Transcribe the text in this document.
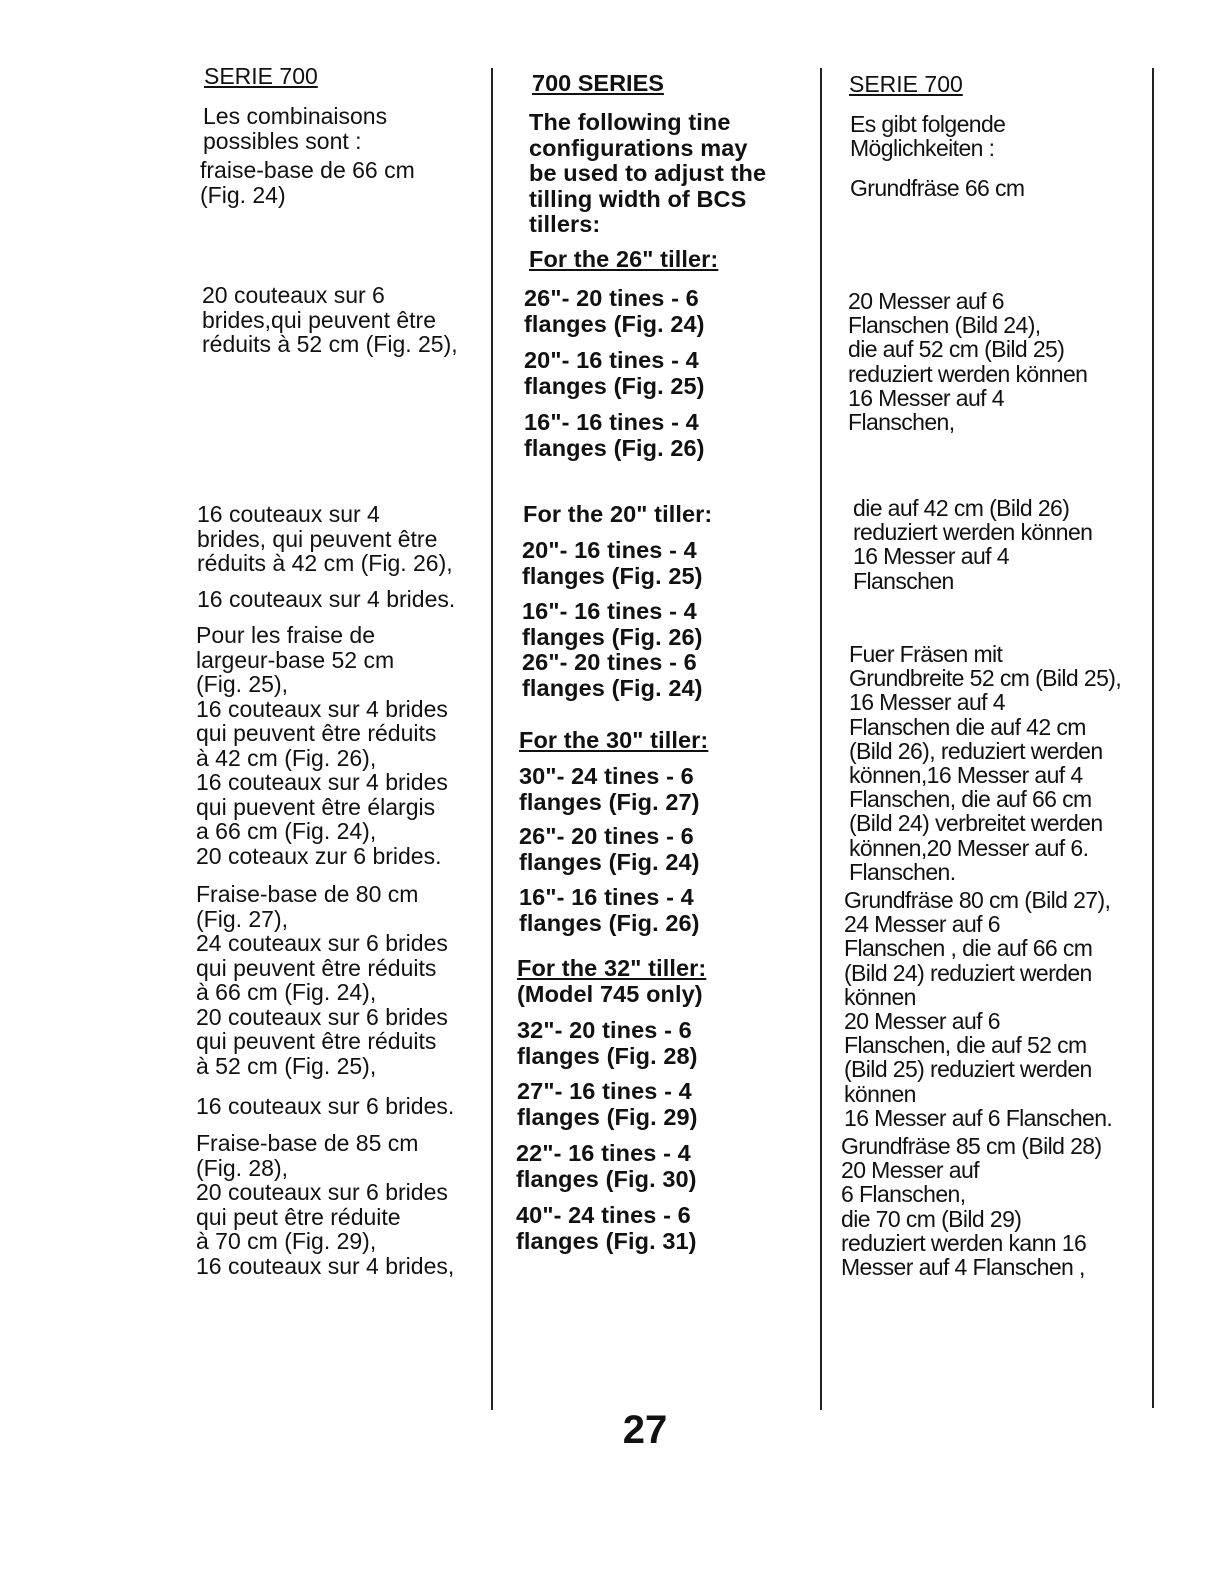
SERIE 700

Les combinaisons
possibles sont :

fraise-base de 66 cm
(Fig. 24)

20 couteaux sur 6
brides,qui peuvent être
réduits à 52 cm (Fig. 25),

16 couteaux sur 4
brides, qui peuvent être
réduits à 42 cm (Fig. 26),

16 couteaux sur 4 brides.

Pour les fraise de
largeur-base 52 cm
(Fig. 25),
16 couteaux sur 4 brides
qui peuvent être réduits
à 42 cm (Fig. 26),
16 couteaux sur 4 brides
qui puevent être élargis
a 66 cm (Fig. 24),
20 coteaux zur 6 brides.

Fraise-base de 80 cm
(Fig. 27),
24 couteaux sur 6 brides
qui peuvent être réduits
à 66 cm (Fig. 24),
20 couteaux sur 6 brides
qui peuvent être réduits
à 52 cm (Fig. 25),

16 couteaux sur 6 brides.

Fraise-base de 85 cm
(Fig. 28),
20 couteaux sur 6 brides
qui peut être réduite
à 70 cm (Fig. 29),
16 couteaux sur 4 brides,

700 SERIES

The following tine
configurations may
be used to adjust the
tilling width of BCS
tillers:

For the 26" tiller:

26"- 20 tines - 6
flanges (Fig. 24)

20"- 16 tines - 4
flanges (Fig. 25)

16"- 16 tines - 4
flanges (Fig. 26)

For the 20" tiller:

20"- 16 tines - 4
flanges (Fig. 25)

16"- 16 tines - 4
flanges (Fig. 26)
26"- 20 tines - 6
flanges (Fig. 24)

For the 30" tiller:

30"- 24 tines - 6
flanges (Fig. 27)

26"- 20 tines - 6
flanges (Fig. 24)

16"- 16 tines - 4
flanges (Fig. 26)

For the 32" tiller:

(Model 745 only)

32"- 20 tines - 6
flanges (Fig. 28)

27"- 16 tines - 4
flanges (Fig. 29)

22"- 16 tines - 4
flanges (Fig. 30)

40"- 24 tines - 6
flanges (Fig. 31)

SERIE 700

Es gibt folgende
Möglichkeiten :

Grundfräse 66 cm

20 Messer auf 6
Flanschen (Bild 24),
die auf 52 cm (Bild 25)
reduziert werden können
16 Messer auf 4
Flanschen,

die auf 42 cm (Bild 26)
reduziert werden können
16 Messer auf 4
Flanschen

Fuer Fräsen mit
Grundbreite 52 cm (Bild 25),
16 Messer auf 4
Flanschen die auf 42 cm
(Bild 26), reduziert werden
können,16 Messer auf 4
Flanschen, die auf 66 cm
(Bild 24) verbreitet werden
können,20 Messer auf 6.
Flanschen.

Grundfräse 80 cm (Bild 27),
24 Messer auf 6
Flanschen , die auf 66 cm
(Bild 24) reduziert werden
können
20 Messer auf 6
Flanschen, die auf 52 cm
(Bild 25) reduziert werden
können
16 Messer auf 6 Flanschen.

Grundfräse 85 cm (Bild 28)
20 Messer auf
6 Flanschen,
die 70 cm (Bild 29)
reduziert werden kann 16
Messer auf 4 Flanschen ,

27
